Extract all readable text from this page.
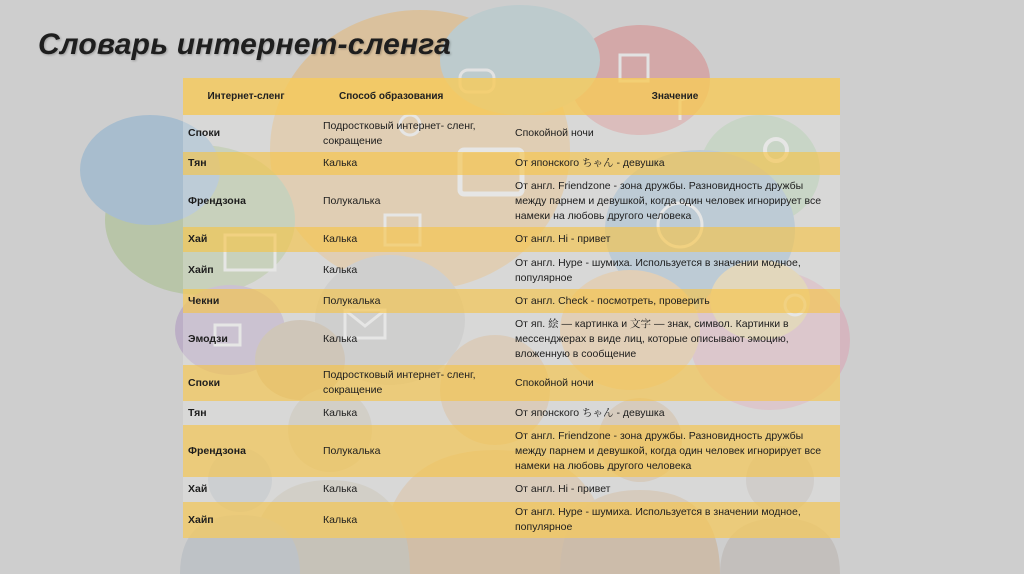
Словарь интернет-сленга
Интернет-сленг	Способ образования	Значение
Споки	Подростковый интернет- сленг, сокращение	Спокойной ночи
Тян	Калька	От японского ちゃん - девушка
Френдзона	Полукалька	От англ. Friendzone - зона дружбы. Разновидность дружбы между парнем и девушкой, когда один человек игнорирует все намеки на любовь другого человека
Хай	Калька	От англ. Hi - привет
Хайп	Калька	От англ. Hype - шумиха. Используется в значении модное, популярное
Чекни	Полукалька	От англ. Check - посмотреть, проверить
Эмодзи	Калька	От яп. 絵 — картинка и 文字 — знак, символ. Картинки в мессенджерах в виде лиц, которые описывают эмоцию, вложенную в сообщение
Споки	Подростковый интернет- сленг, сокращение	Спокойной ночи
Тян	Калька	От японского ちゃん - девушка
Френдзона	Полукалька	От англ. Friendzone - зона дружбы. Разновидность дружбы между парнем и девушкой, когда один человек игнорирует все намеки на любовь другого человека
Хай	Калька	От англ. Hi - привет
Хайп	Калька	От англ. Hype - шумиха. Используется в значении модное, популярное
